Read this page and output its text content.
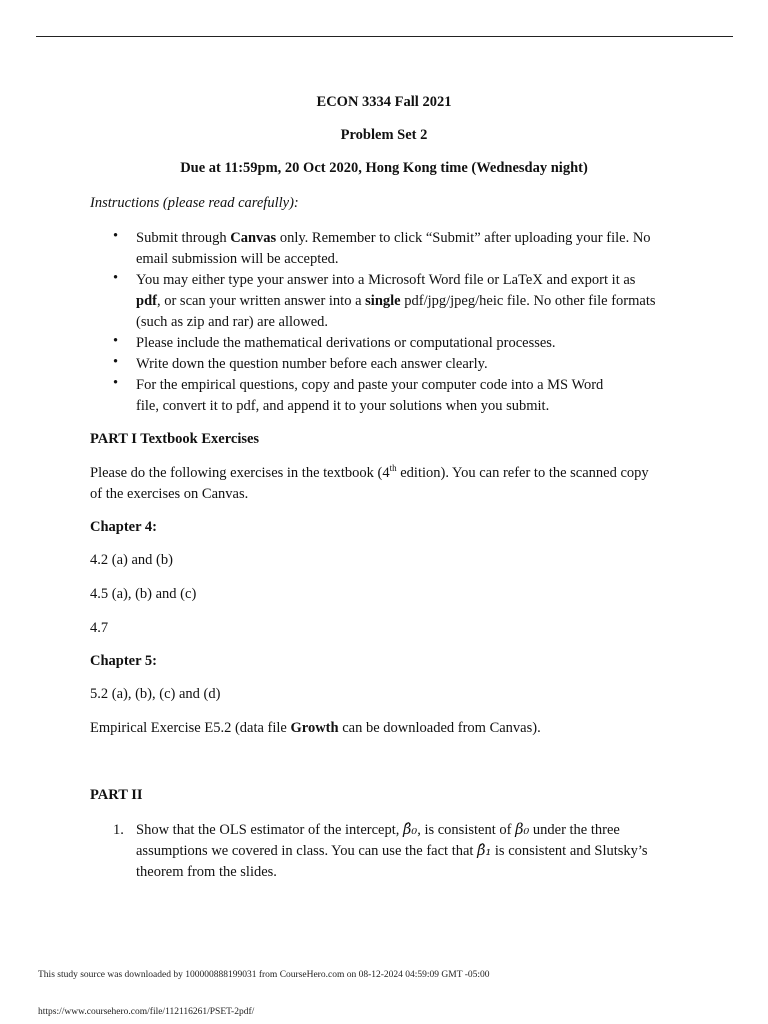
ECON 3334 Fall 2021
Problem Set 2
Due at 11:59pm, 20 Oct 2020, Hong Kong time (Wednesday night)
Instructions (please read carefully):
• Submit through Canvas only. Remember to click “Submit” after uploading your file. No
email submission will be accepted.
• You may either type your answer into a Microsoft Word file or LaTeX and export it as
pdf, or scan your written answer into a single pdf/jpg/jpeg/heic file. No other file formats
(such as zip and rar) are allowed.
• Please include the mathematical derivations or computational processes.
• Write down the question number before each answer clearly.
• For the empirical questions, copy and paste your computer code into a MS Word
file, convert it to pdf, and append it to your solutions when you submit.
PART I Textbook Exercises
Please do the following exercises in the textbook (4th edition). You can refer to the scanned copy
of the exercises on Canvas.
Chapter 4:
4.2 (a) and (b)
4.5 (a), (b) and (c)
4.7
Chapter 5:
5.2 (a), (b), (c) and (d)
Empirical Exercise E5.2 (data file Growth can be downloaded from Canvas).
PART II
1. Show that the OLS estimator of the intercept, β̂₀, is consistent of β₀ under the three
assumptions we covered in class. You can use the fact that β̂₁ is consistent and Slutsky’s
theorem from the slides.
This study source was downloaded by 100000888199031 from CourseHero.com on 08-12-2024 04:59:09 GMT -05:00
https://www.coursehero.com/file/112116261/PSET-2pdf/
